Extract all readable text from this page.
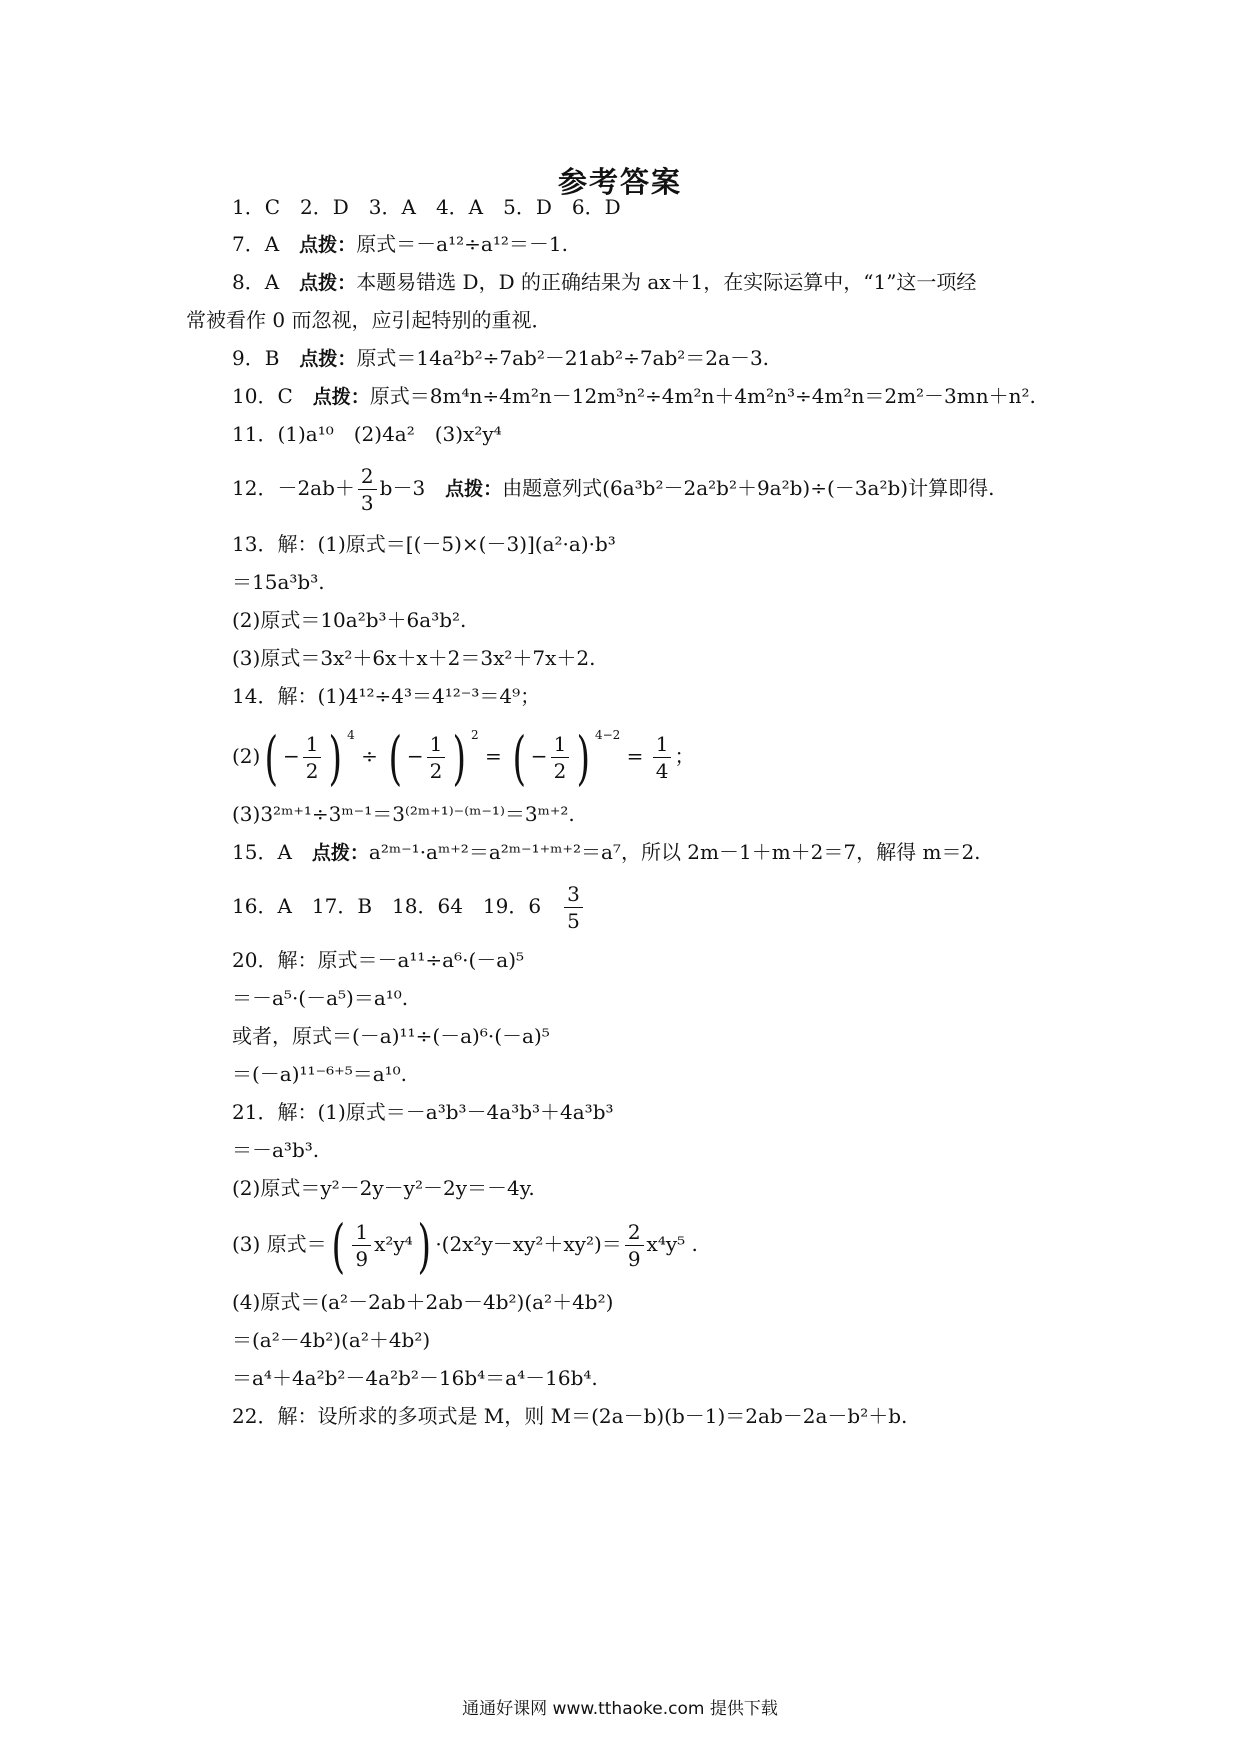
参考答案
1．C　2．D　3．A　4．A　5．D　6．D
7．A　点拨：原式＝－a¹²÷a¹²＝－1.
8．A　点拨：本题易错选 D，D 的正确结果为 ax＋1，在实际运算中，“1”这一项经
常被看作 0 而忽视，应引起特别的重视．
9．B　点拨：原式＝14a²b²÷7ab²－21ab²÷7ab²＝2a－3.
10．C　点拨：原式＝8m⁴n÷4m²n－12m³n²÷4m²n＋4m²n³÷4m²n＝2m²－3mn＋n².
11．(1)a¹⁰　(2)4a²　(3)x²y⁴
12．$-2ab+ \frac{2}{3} b-3$　点拨：由题意列式(6a³b²－2a²b²＋9a²b)÷(－3a²b)计算即得.
13．解：(1)原式＝[(－5)×(－3)](a²·a)·b³
＝15a³b³.
(2)原式＝10a²b³＋6a³b².
(3)原式＝3x²＋6x＋x＋2＝3x²＋7x＋2.
14．解：(1)4¹²÷4³＝4¹²⁻³＝4⁹；
$(2)( - \frac{1}{2}$ ) $^4$ ÷ ( − $\frac{1}{2}$ ) $^2$ = ( − $\frac{1}{2}$ ) $^{4-2} = \frac{1}{4}$ ；
(3)3²ᵐ⁺¹÷3ᵐ⁻¹＝3⁽²ᵐ⁺¹⁾⁻⁽ᵐ⁻¹⁾＝3ᵐ⁺².
15．A　点拨：a²ᵐ⁻¹·aᵐ⁺²＝a²ᵐ⁻¹⁺ᵐ⁺²＝a⁷，所以 2m－1＋m＋2＝7，解得 m＝2.
16．A　17．B　18．64　19．6　 $\frac{3}{5}$
20．解：原式＝－a¹¹÷a⁶·(－a)⁵
＝－a⁵·(－a⁵)＝a¹⁰.
或者，原式＝(－a)¹¹÷(－a)⁶·(－a)⁵
＝(－a)¹¹⁻⁶⁺⁵＝a¹⁰.
21．解：(1)原式＝－a³b³－4a³b³＋4a³b³
＝－a³b³.
(2)原式＝y²－2y－y²－2y＝－4y.
(3) 原式＝( $\frac{1}{9} x^2y^4) \cdot(2x^2y-xy^2+xy^2)= \frac{2}{9} x^4y^5$ .
(4)原式＝(a²－2ab＋2ab－4b²)(a²＋4b²)
＝(a²－4b²)(a²＋4b²)
＝a⁴＋4a²b²－4a²b²－16b⁴＝a⁴－16b⁴.
22．解：设所求的多项式是 M，则 M＝(2a－b)(b－1)＝2ab－2a－b²＋b.
通通好课网 www.tthaoke.com 提供下载
